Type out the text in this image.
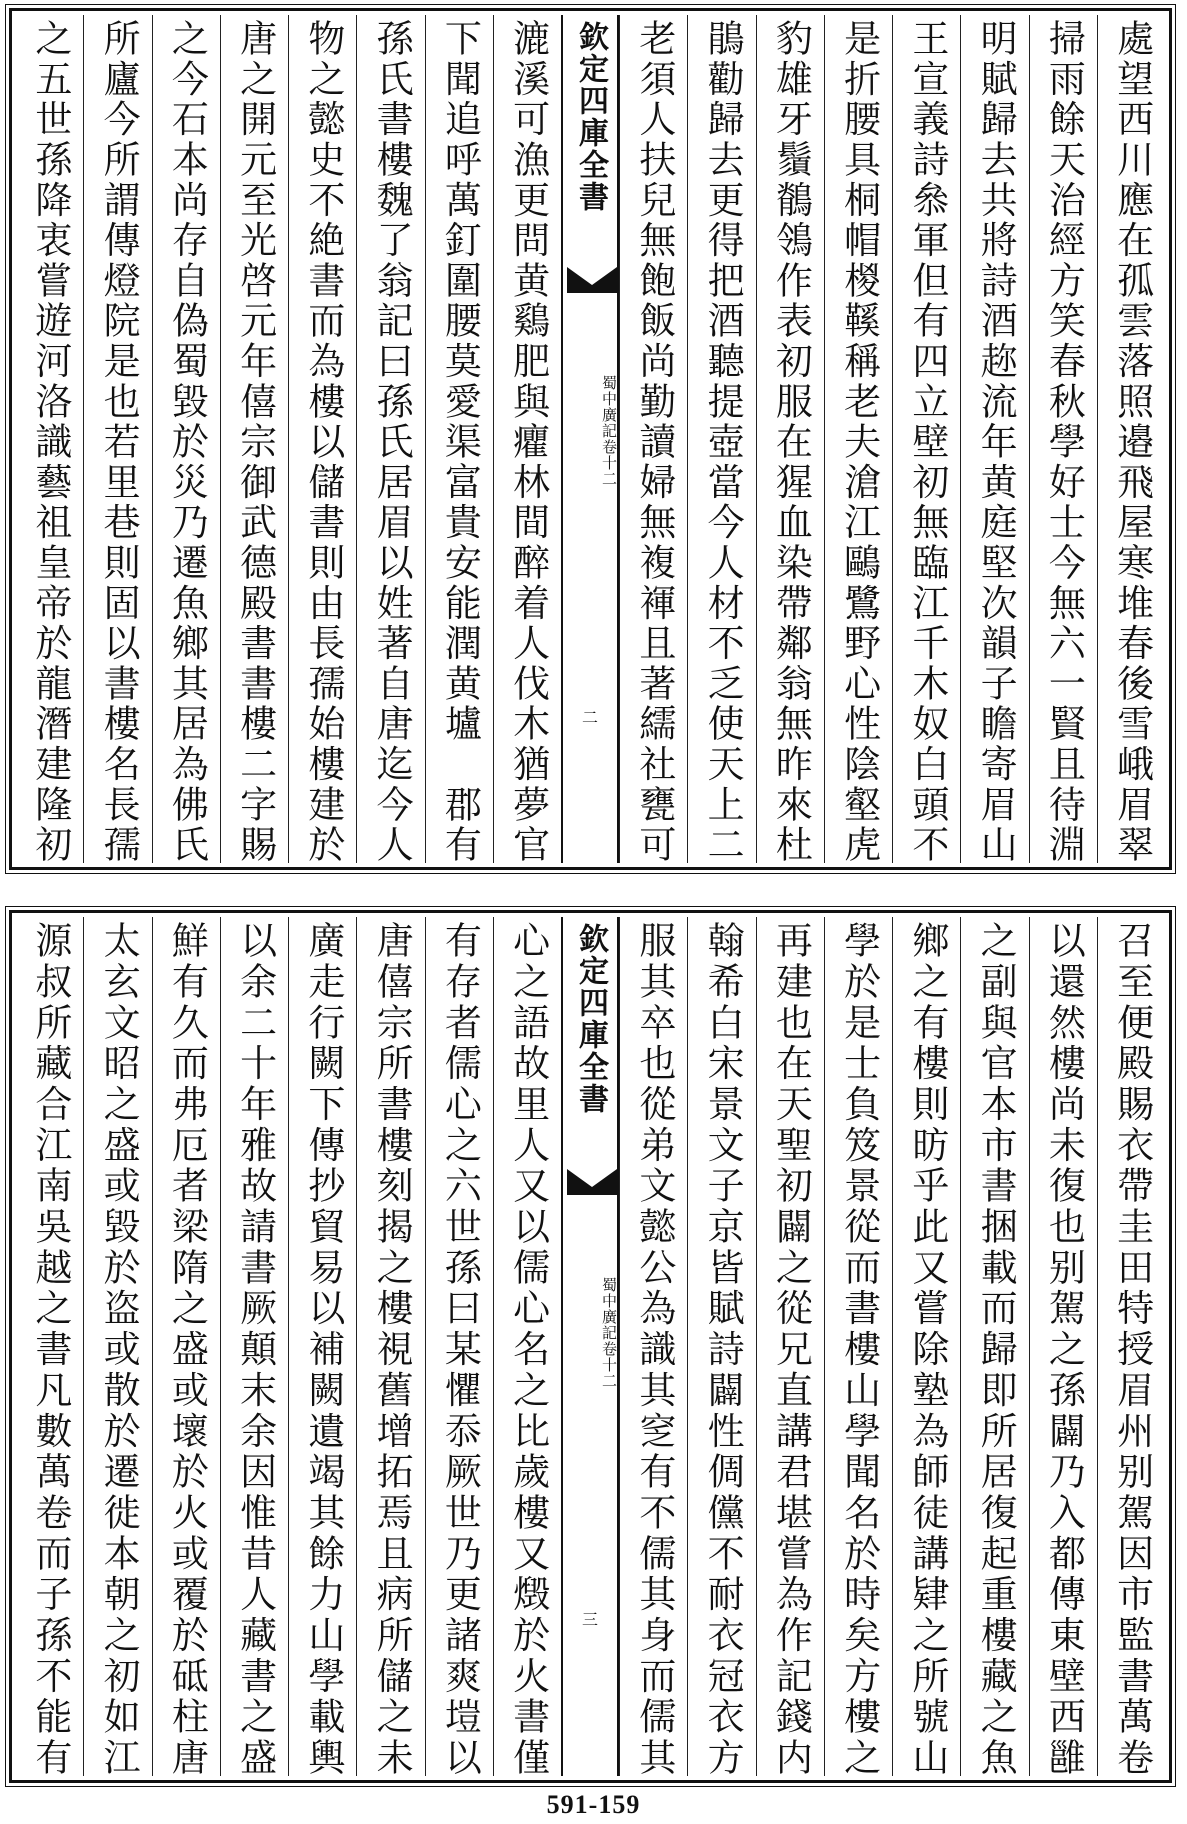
處望西川應在孤雲落照邉飛屋寒堆春後雪峨眉翠
掃雨餘天治經方笑春秋學好士今無六一賢且待淵
明賦歸去共將詩酒趂流年黄庭堅次韻子瞻寄眉山
王宣義詩叅軍但有四立壁初無臨江千木奴白頭不
是折腰具桐帽椶鞵稱老夫滄江鷗鷺野心性陰壑虎
豹雄牙鬚鶺鴒作表初服在猩血染帶鄰翁無昨來杜
鵑勸歸去更得把酒聽提壺當今人材不乏使天上二
老須人扶兒無飽飯尚勤讀婦無複褌且著繻社甕可
欽定四庫全書
蜀中廣記
卷十二
二
漉溪可漁更問黄鷄肥與癯林間醉着人伐木猶夢官
下聞追呼萬釘圍腰莫愛渠富貴安能潤黄壚　郡有
孫氏書樓魏了翁記曰孫氏居眉以姓著自唐迄今人
物之懿史不絶書而為樓以儲書則由長孺始樓建於
唐之開元至光啓元年僖宗御武德殿書書樓二字賜
之今石本尚存自偽蜀毀於災乃遷魚鄉其居為佛氏
所廬今所謂傳燈院是也若里巷則固以書樓名長孺
之五世孫降衷嘗遊河洛識藝祖皇帝於龍潛建隆初
召至便殿賜衣帶圭田特授眉州别駕因市監書萬卷
以還然樓尚未復也别駕之孫闢乃入都傳東壁西雝
之副與官本市書捆載而歸即所居復起重樓藏之魚
鄉之有樓則昉乎此又嘗除塾為師徒講肄之所號山
學於是士負笈景從而書樓山學聞名於時矣方樓之
再建也在天聖初闢之從兄直講君堪嘗為作記錢内
翰希白宋景文子京皆賦詩闢性倜儻不耐衣冠衣方
服其卒也從弟文懿公為識其窆有不儒其身而儒其
欽定四庫全書
蜀中廣記
卷十二
三
心之語故里人又以儒心名之比歲樓又燬於火書僅
有存者儒心之六世孫曰某懼忝厥世乃更諸爽塏以
唐僖宗所書樓刻揭之樓視舊增拓焉且病所儲之未
廣走行闕下傳抄貿易以補闕遺竭其餘力山學載輿
以余二十年雅故請書厥顛末余因惟昔人藏書之盛
鮮有久而弗厄者梁隋之盛或壞於火或覆於砥柱唐
太玄文昭之盛或毀於盗或散於遷徙本朝之初如江
源叔所藏合江南吳越之書凡數萬卷而子孫不能有
591-159
